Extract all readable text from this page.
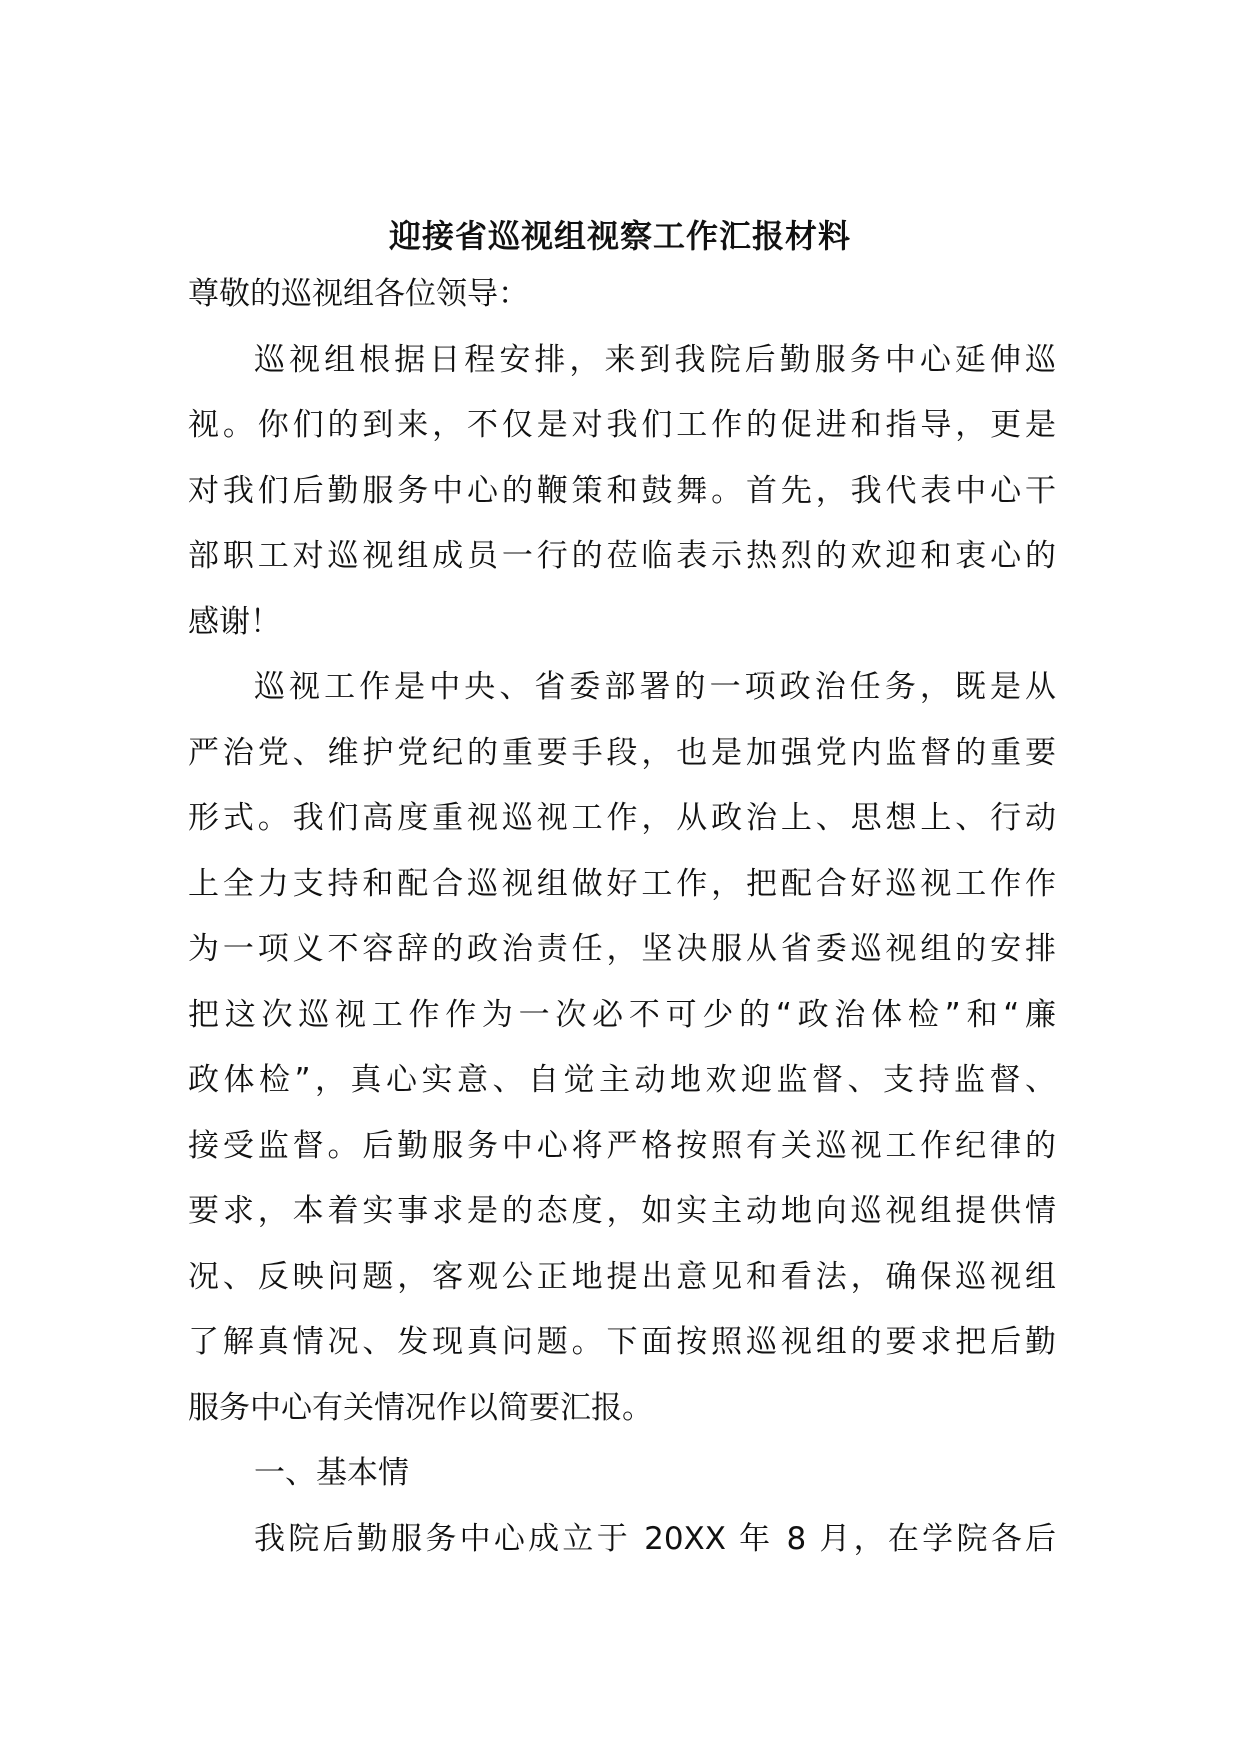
迎接省巡视组视察工作汇报材料

尊敬的巡视组各位领导：

巡视组根据日程安排，来到我院后勤服务中心延伸巡
视。你们的到来，不仅是对我们工作的促进和指导，更是
对我们后勤服务中心的鞭策和鼓舞。首先，我代表中心干
部职工对巡视组成员一行的莅临表示热烈的欢迎和衷心的
感谢！

巡视工作是中央、省委部署的一项政治任务，既是从
严治党、维护党纪的重要手段，也是加强党内监督的重要
形式。我们高度重视巡视工作，从政治上、思想上、行动
上全力支持和配合巡视组做好工作，把配合好巡视工作作
为一项义不容辞的政治责任，坚决服从省委巡视组的安排
把这次巡视工作作为一次必不可少的“政治体检”和“廉
政体检”，真心实意、自觉主动地欢迎监督、支持监督、
接受监督。后勤服务中心将严格按照有关巡视工作纪律的
要求，本着实事求是的态度，如实主动地向巡视组提供情
况、反映问题，客观公正地提出意见和看法，确保巡视组
了解真情况、发现真问题。下面按照巡视组的要求把后勤
服务中心有关情况作以简要汇报。

一、基本情

我院后勤服务中心成立于 20XX 年 8 月，在学院各后
